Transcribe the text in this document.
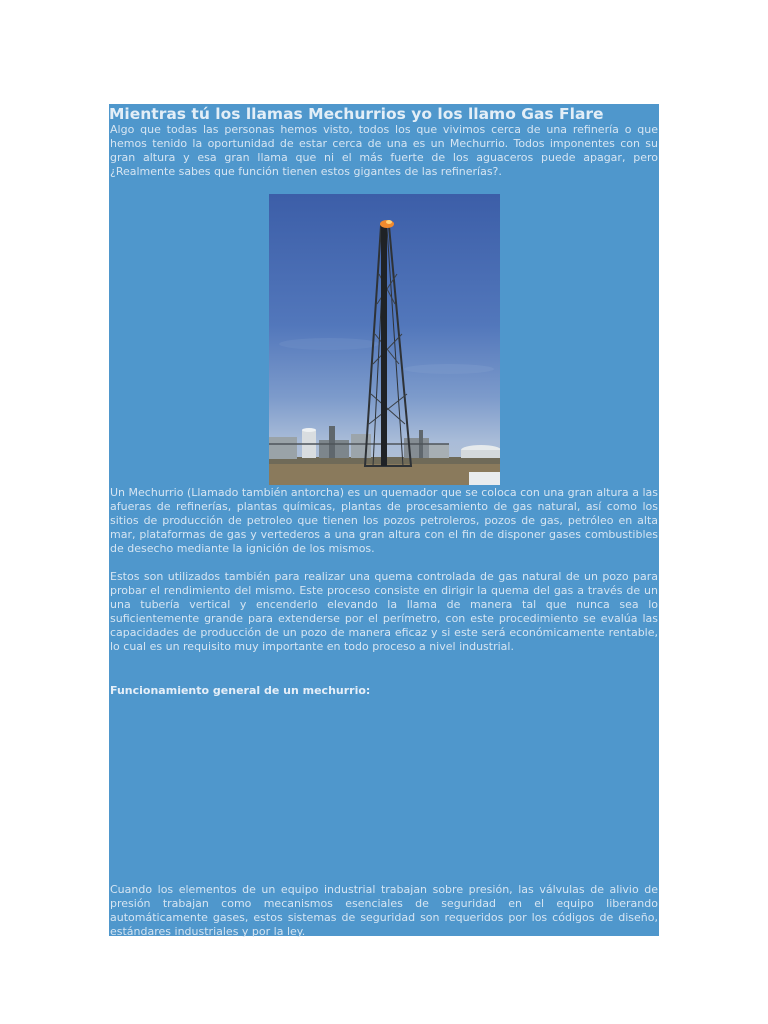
Mientras tú los llamas Mechurrios yo los llamo Gas Flare

Algo que todas las personas hemos visto, todos los que vivimos cerca de una refinería o que hemos tenido la oportunidad de estar cerca de una es un Mechurrio. Todos imponentes con su gran altura y esa gran llama que ni el más fuerte de los aguaceros puede apagar, pero ¿Realmente sabes que función tienen estos gigantes de las refinerías?.

Un Mechurrio (Llamado también antorcha) es un quemador que se coloca con una gran altura a las afueras de refinerías, plantas químicas, plantas de procesamiento de gas natural, así como los sitios de producción de petroleo que tienen los pozos petroleros, pozos de gas, petróleo en alta mar, plataformas de gas y vertederos a una gran altura con el fin de disponer gases combustibles de desecho mediante la ignición de los mismos.

Estos son utilizados también para realizar una quema controlada de gas natural de un pozo para probar el rendimiento del mismo. Este proceso consiste en dirigir la quema del gas a través de un una tubería vertical y encenderlo elevando la llama de manera tal que nunca sea lo suficientemente grande para extenderse por el perímetro, con este procedimiento se evalúa las capacidades de producción de un pozo de manera eficaz y si este será económicamente rentable, lo cual es un requisito muy importante en todo proceso a nivel industrial.

Funcionamiento general de un mechurrio:

Cuando los elementos de un equipo industrial trabajan sobre presión, las válvulas de alivio de presión trabajan como mecanismos esenciales de seguridad en el equipo liberando automáticamente gases, estos sistemas de seguridad son requeridos por los códigos de diseño, estándares industriales y por la ley.
